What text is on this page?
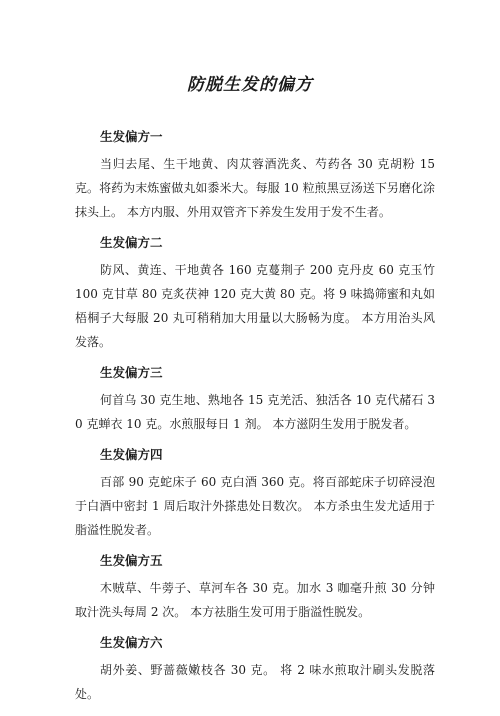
防脱生发的偏方
生发偏方一

当归去尾、生干地黄、肉苁蓉酒洗炙、芍药各 30 克胡粉 15 克。将药为末炼蜜做丸如黍米大。每服 10 粒煎黑豆汤送下另磨化涂抹头上。 本方内服、外用双管齐下养发生发用于发不生者。

生发偏方二

防风、黄连、干地黄各 160 克蔓荆子 200 克丹皮 60 克玉竹 100 克甘草 80 克炙茯神 120 克大黄 80 克。将 9 味捣筛蜜和丸如梧桐子大每服 20 丸可稍稍加大用量以大肠畅为度。 本方用治头风发落。

生发偏方三

何首乌 30 克生地、熟地各 15 克羌活、独活各 10 克代赭石 30 克蝉衣 10 克。水煎服每日 1 剂。 本方滋阴生发用于脱发者。

生发偏方四

百部 90 克蛇床子 60 克白酒 360 克。将百部蛇床子切碎浸泡于白酒中密封 1 周后取汁外搽患处日数次。 本方杀虫生发尤适用于脂溢性脱发者。

生发偏方五

木贼草、牛蒡子、草河车各 30 克。加水 3 咖毫升煎 30 分钟取汁洗头每周 2 次。 本方祛脂生发可用于脂溢性脱发。

生发偏方六

胡外姜、野蔷薇嫩枝各 30 克。 将 2 味水煎取汁刷头发脱落处。
